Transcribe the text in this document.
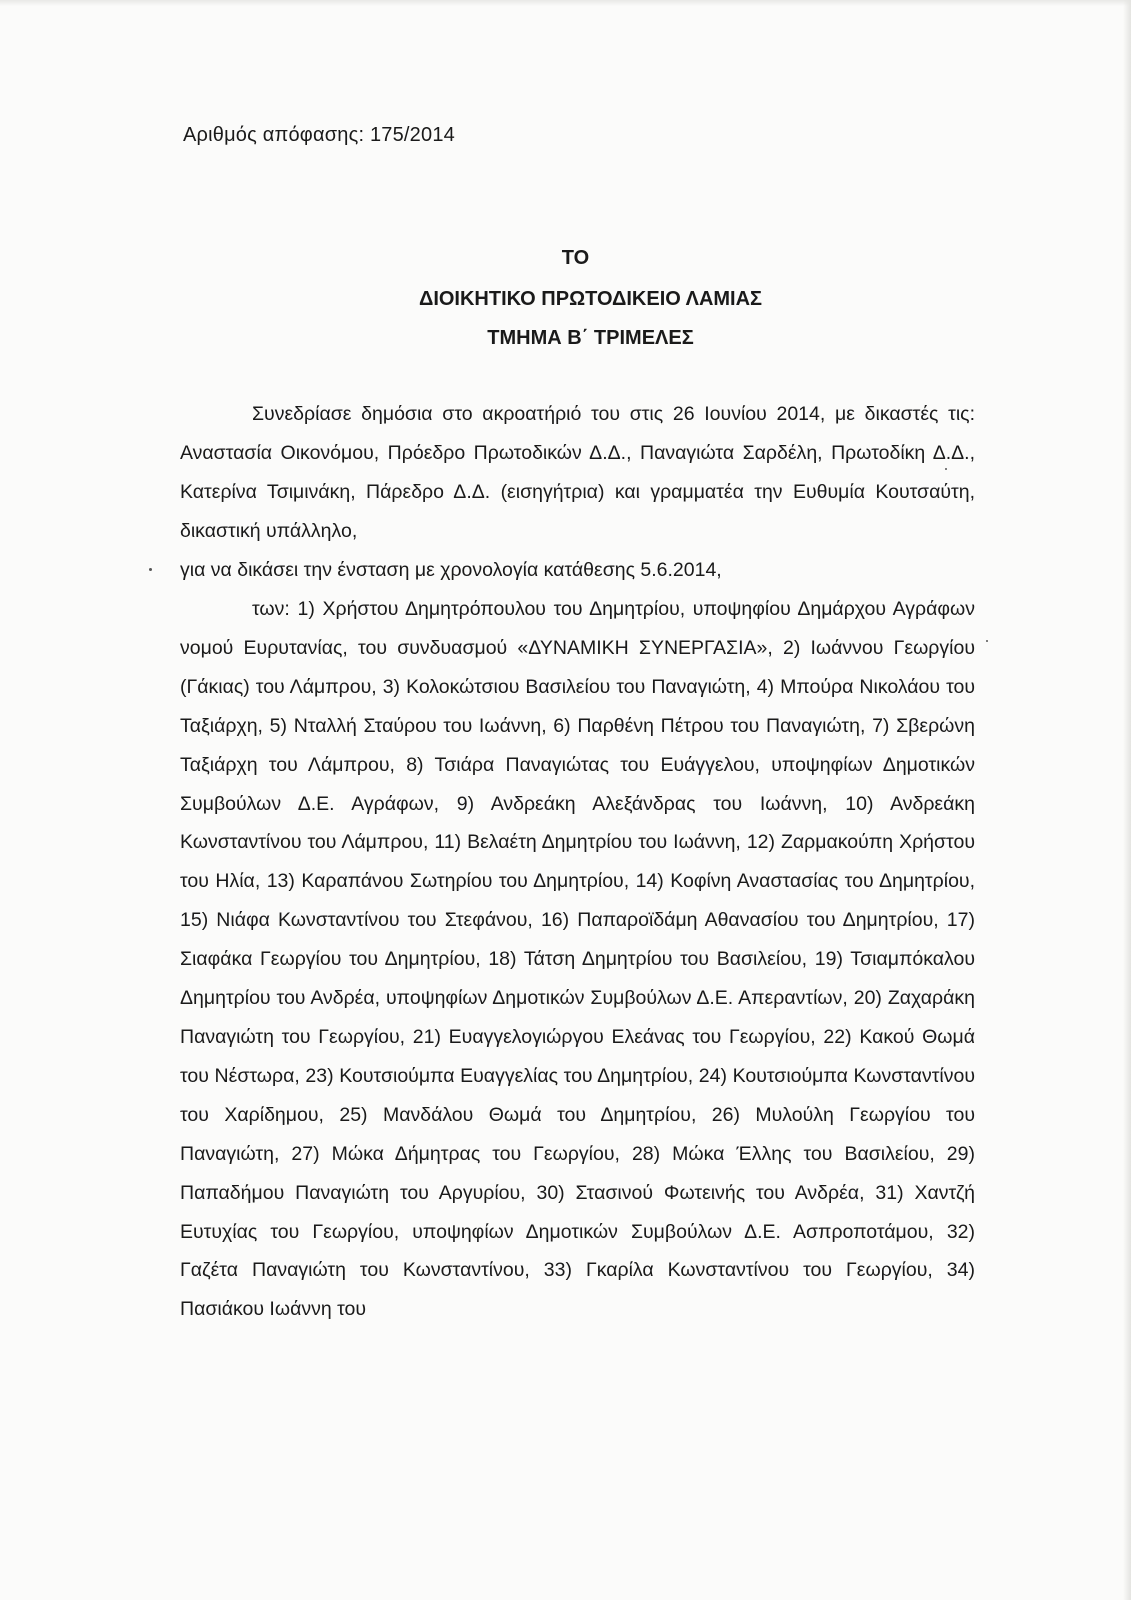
Αριθμός απόφασης: 175/2014

ΤΟ

ΔΙΟΙΚΗΤΙΚΟ ΠΡΩΤΟΔΙΚΕΙΟ ΛΑΜΙΑΣ

ΤΜΗΜΑ Β΄ ΤΡΙΜΕΛΕΣ

Συνεδρίασε δημόσια στο ακροατήριό του στις 26 Ιουνίου 2014, με δικαστές τις: Αναστασία Οικονόμου, Πρόεδρο Πρωτοδικών Δ.Δ., Παναγιώτα Σαρδέλη, Πρωτοδίκη Δ.Δ., Κατερίνα Τσιμινάκη, Πάρεδρο Δ.Δ. (εισηγήτρια) και γραμματέα την Ευθυμία Κουτσαύτη, δικαστική υπάλληλο,

για να δικάσει την ένσταση με χρονολογία κατάθεσης 5.6.2014,

των: 1) Χρήστου Δημητρόπουλου του Δημητρίου, υποψηφίου Δημάρχου Αγράφων νομού Ευρυτανίας, του συνδυασμού «ΔΥΝΑΜΙΚΗ ΣΥΝΕΡΓΑΣΙΑ», 2) Ιωάννου Γεωργίου (Γάκιας) του Λάμπρου, 3) Κολοκώτσιου Βασιλείου του Παναγιώτη, 4) Μπούρα Νικολάου του Ταξιάρχη, 5) Νταλλή Σταύρου του Ιωάννη, 6) Παρθένη Πέτρου του Παναγιώτη, 7) Σβερώνη Ταξιάρχη του Λάμπρου, 8) Τσιάρα Παναγιώτας του Ευάγγελου, υποψηφίων Δημοτικών Συμβούλων Δ.Ε. Αγράφων, 9) Ανδρεάκη Αλεξάνδρας του Ιωάννη, 10) Ανδρεάκη Κωνσταντίνου του Λάμπρου, 11) Βελαέτη Δημητρίου του Ιωάννη, 12) Ζαρμακούπη Χρήστου του Ηλία, 13) Καραπάνου Σωτηρίου του Δημητρίου, 14) Κοφίνη Αναστασίας του Δημητρίου, 15) Νιάφα Κωνσταντίνου του Στεφάνου, 16) Παπαροϊδάμη Αθανασίου του Δημητρίου, 17) Σιαφάκα Γεωργίου του Δημητρίου, 18) Τάτση Δημητρίου του Βασιλείου, 19) Τσιαμπόκαλου Δημητρίου του Ανδρέα, υποψηφίων Δημοτικών Συμβούλων Δ.Ε. Απεραντίων, 20) Ζαχαράκη Παναγιώτη του Γεωργίου, 21) Ευαγγελογιώργου Ελεάνας του Γεωργίου, 22) Κακού Θωμά του Νέστωρα, 23) Κουτσιούμπα Ευαγγελίας του Δημητρίου, 24) Κουτσιούμπα Κωνσταντίνου του Χαρίδημου, 25) Μανδάλου Θωμά του Δημητρίου, 26) Μυλούλη Γεωργίου του Παναγιώτη, 27) Μώκα Δήμητρας του Γεωργίου, 28) Μώκα Έλλης του Βασιλείου, 29) Παπαδήμου Παναγιώτη του Αργυρίου, 30) Στασινού Φωτεινής του Ανδρέα, 31) Χαντζή Ευτυχίας του Γεωργίου, υποψηφίων Δημοτικών Συμβούλων Δ.Ε. Ασπροποτάμου, 32) Γαζέτα Παναγιώτη του Κωνσταντίνου, 33) Γκαρίλα Κωνσταντίνου του Γεωργίου, 34) Πασιάκου Ιωάννη του
